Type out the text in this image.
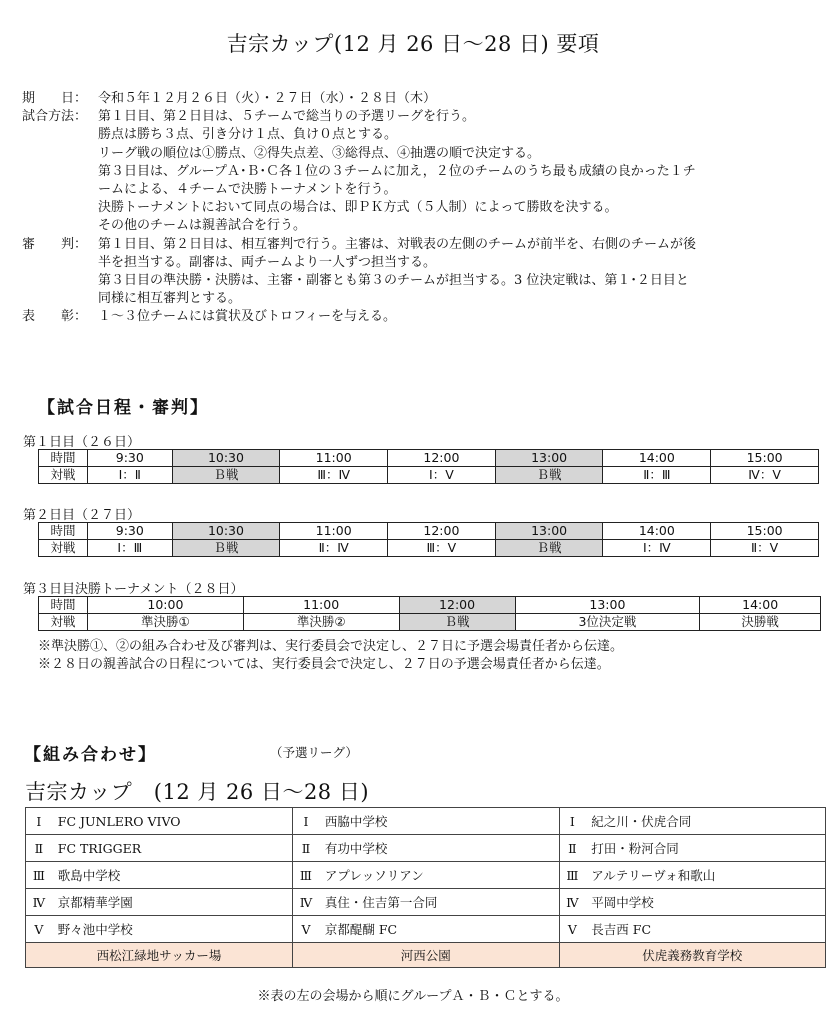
吉宗カップ(12 月 26 日～28 日) 要項
期　　日： 令和５年１２月２６日（火）・２７日（水）・２８日（木）
試合方法： 第１日目、第２日目は、５チームで総当りの予選リーグを行う。
勝点は勝ち３点、引き分け１点、負け０点とする。
リーグ戦の順位は①勝点、②得失点差、③総得点、④抽選の順で決定する。
第３日目は、グループＡ･Ｂ･Ｃ各１位の３チームに加え，２位のチームのうち最も成績の良かった１チ
ームによる、４チームで決勝トーナメントを行う。
決勝トーナメントにおいて同点の場合は、即ＰＫ方式（５人制）によって勝敗を決する。
その他のチームは親善試合を行う。
審　　判： 第１日目、第２日目は、相互審判で行う。主審は、対戦表の左側のチームが前半を、右側のチームが後
半を担当する。副審は、両チームより一人ずつ担当する。
第３日目の準決勝・決勝は、主審・副審とも第３のチームが担当する。3 位決定戦は、第１･２日目と
同様に相互審判とする。
表　　彰： １～３位チームには賞状及びトロフィーを与える。
【試合日程・審判】
第１日目（２６日）
時間	9:30	10:30	11:00	12:00	13:00	14:00	15:00
対戦	Ⅰ：Ⅱ	Ｂ戦	Ⅲ：Ⅳ	Ⅰ：Ⅴ	Ｂ戦	Ⅱ：Ⅲ	Ⅳ：Ⅴ
第２日目（２７日）
時間	9:30	10:30	11:00	12:00	13:00	14:00	15:00
対戦	Ⅰ：Ⅲ	Ｂ戦	Ⅱ：Ⅳ	Ⅲ：Ⅴ	Ｂ戦	Ⅰ：Ⅳ	Ⅱ：Ⅴ
第３日目決勝トーナメント（２８日）
時間	10:00	11:00	12:00	13:00	14:00
対戦	準決勝①	準決勝②	Ｂ戦	3位決定戦	決勝戦
※準決勝①、②の組み合わせ及び審判は、実行委員会で決定し、２７日に予選会場責任者から伝達。
※２８日の親善試合の日程については、実行委員会で決定し、２７日の予選会場責任者から伝達。
【組み合わせ】	（予選リーグ）
吉宗カップ　(12 月 26 日～28 日)
Ⅰ	FC JUNLERO VIVO	Ⅰ	西脇中学校	Ⅰ	紀之川・伏虎合同
Ⅱ	FC TRIGGER	Ⅱ	有功中学校	Ⅱ	打田・粉河合同
Ⅲ	歌島中学校	Ⅲ	アプレッソリアン	Ⅲ	アルテリーヴォ和歌山
Ⅳ	京都精華学園	Ⅳ	真住・住吉第一合同	Ⅳ	平岡中学校
Ⅴ	野々池中学校	Ⅴ	京都醍醐 FC	Ⅴ	長吉西 FC
西松江緑地サッカー場		河西公園		伏虎義務教育学校	
※表の左の会場から順にグループＡ・Ｂ・Ｃとする。
